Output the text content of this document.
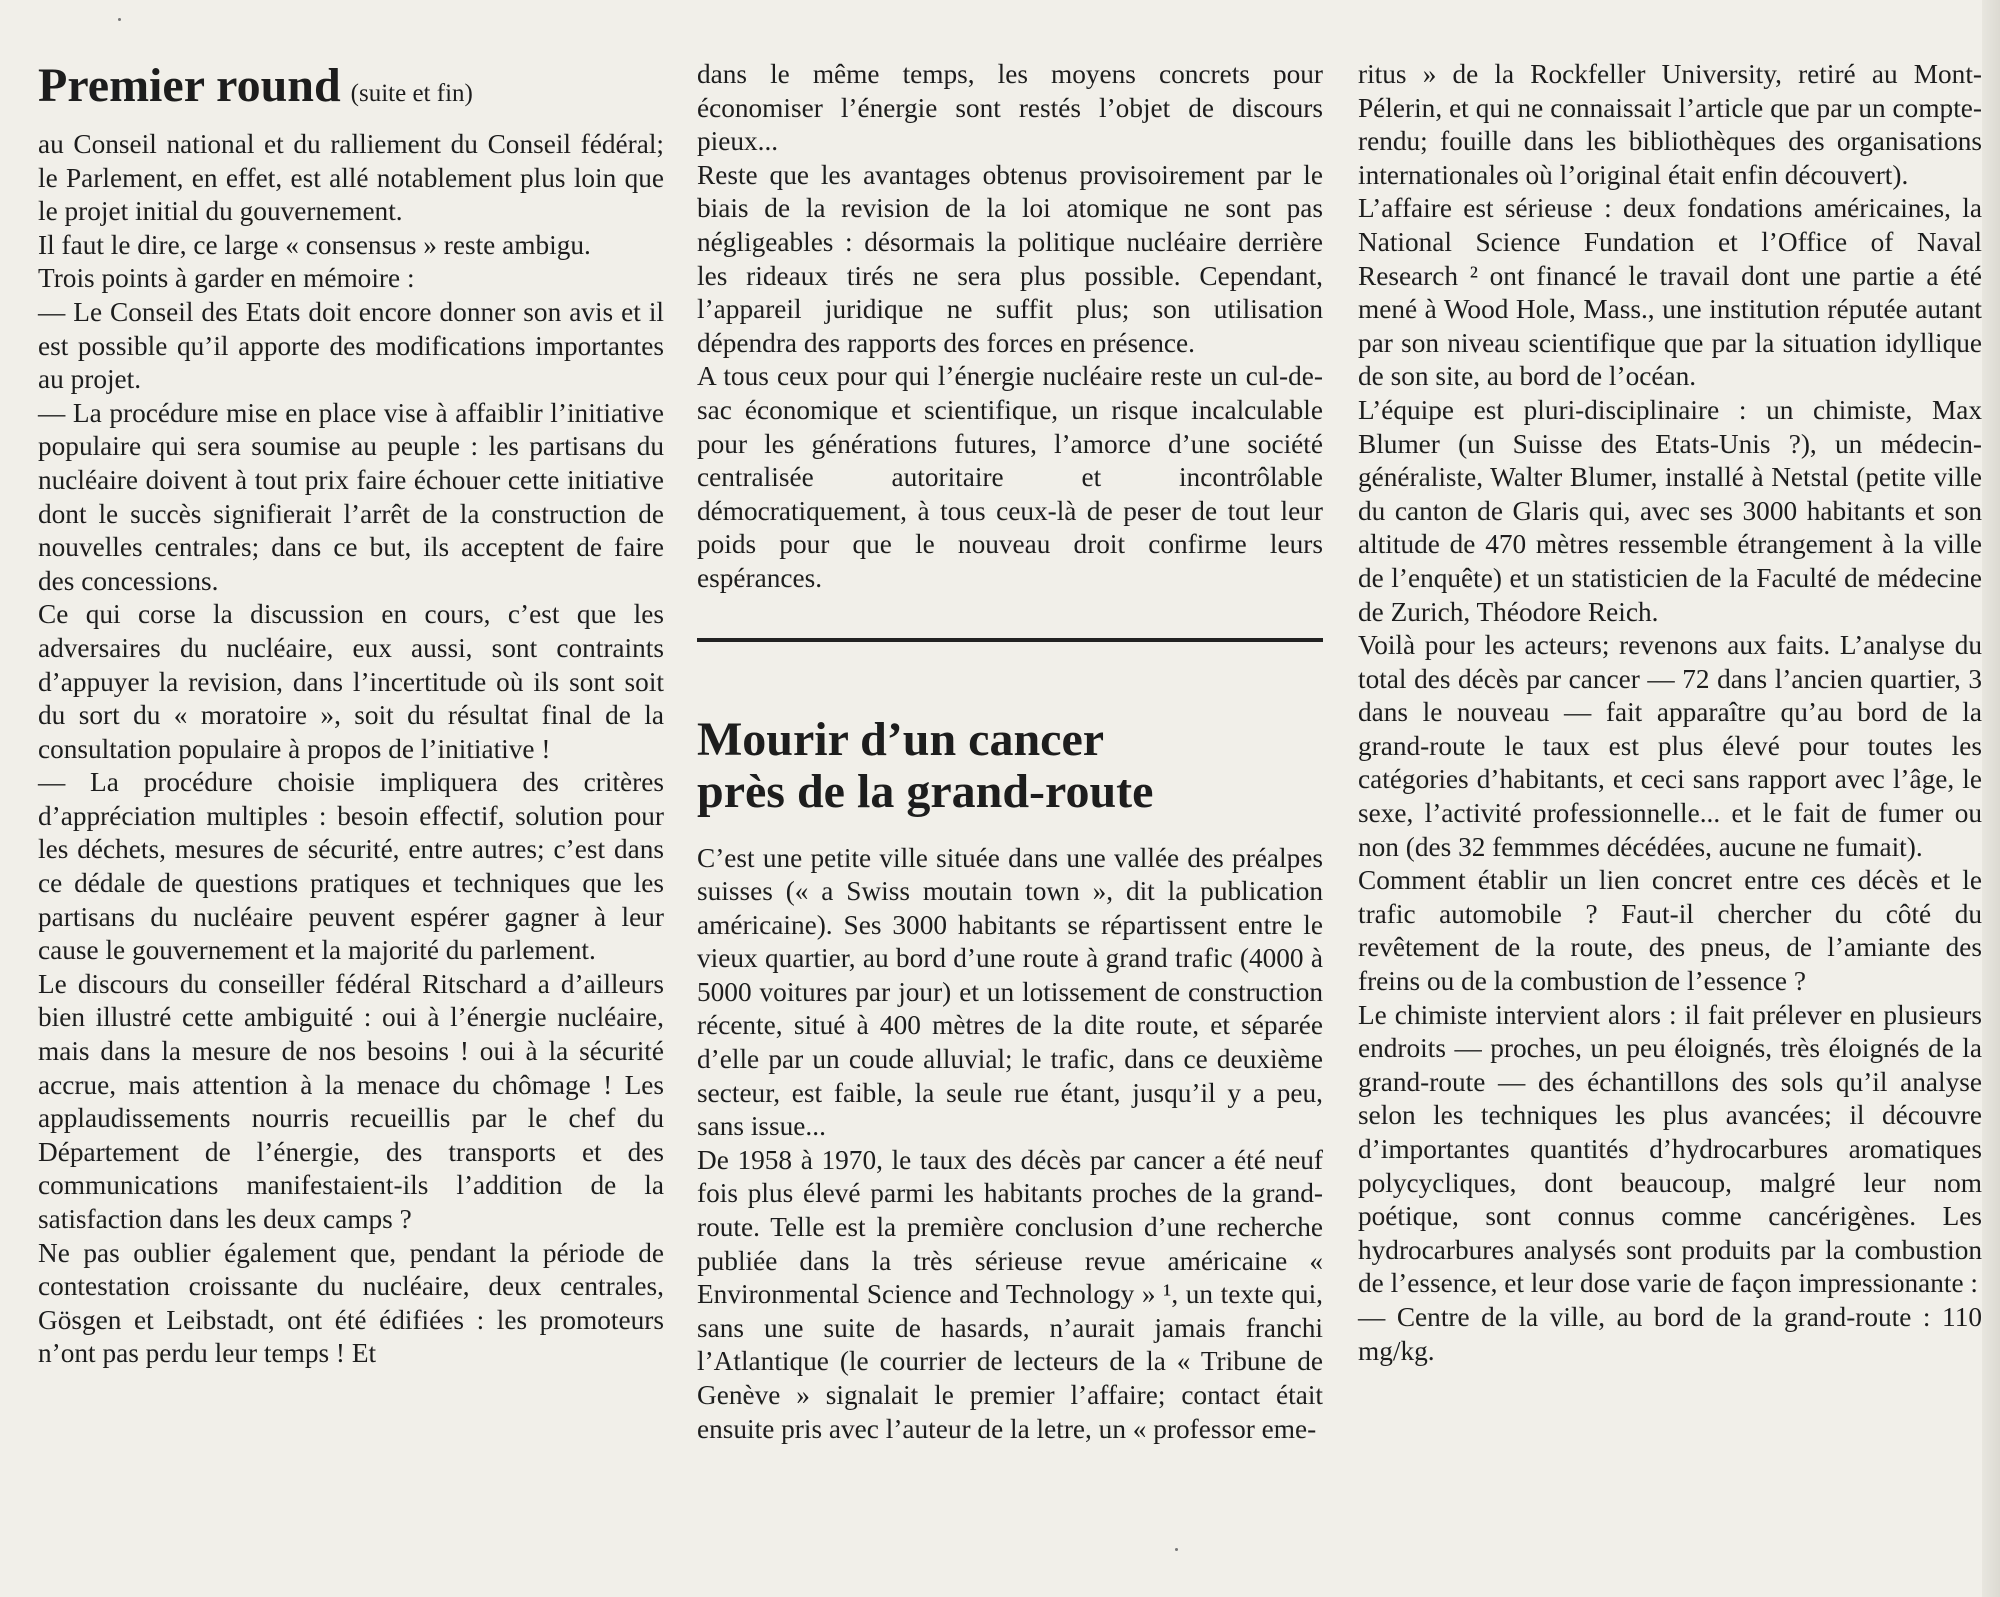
Premier round (suite et fin)

au Conseil national et du ralliement du Conseil fédéral; le Parlement, en effet, est allé notablement plus loin que le projet initial du gouvernement.

Il faut le dire, ce large « consensus » reste ambigu.

Trois points à garder en mémoire :

— Le Conseil des Etats doit encore donner son avis et il est possible qu’il apporte des modifications importantes au projet.

— La procédure mise en place vise à affaiblir l’initiative populaire qui sera soumise au peuple : les partisans du nucléaire doivent à tout prix faire échouer cette initiative dont le succès signifierait l’arrêt de la construction de nouvelles centrales; dans ce but, ils acceptent de faire des concessions.

Ce qui corse la discussion en cours, c’est que les adversaires du nucléaire, eux aussi, sont contraints d’appuyer la revision, dans l’incertitude où ils sont soit du sort du « moratoire », soit du résultat final de la consultation populaire à propos de l’initiative !

— La procédure choisie impliquera des critères d’appréciation multiples : besoin effectif, solution pour les déchets, mesures de sécurité, entre autres; c’est dans ce dédale de questions pratiques et techniques que les partisans du nucléaire peuvent espérer gagner à leur cause le gouvernement et la majorité du parlement.

Le discours du conseiller fédéral Ritschard a d’ailleurs bien illustré cette ambiguité : oui à l’énergie nucléaire, mais dans la mesure de nos besoins ! oui à la sécurité accrue, mais attention à la menace du chômage ! Les applaudissements nourris recueillis par le chef du Département de l’énergie, des transports et des communications manifestaient-ils l’addition de la satisfaction dans les deux camps ?

Ne pas oublier également que, pendant la période de contestation croissante du nucléaire, deux centrales, Gösgen et Leibstadt, ont été édifiées : les promoteurs n’ont pas perdu leur temps ! Et

dans le même temps, les moyens concrets pour économiser l’énergie sont restés l’objet de discours pieux...

Reste que les avantages obtenus provisoirement par le biais de la revision de la loi atomique ne sont pas négligeables : désormais la politique nucléaire derrière les rideaux tirés ne sera plus possible. Cependant, l’appareil juridique ne suffit plus; son utilisation dépendra des rapports des forces en présence.

A tous ceux pour qui l’énergie nucléaire reste un cul-de-sac économique et scientifique, un risque incalculable pour les générations futures, l’amorce d’une société centralisée autoritaire et incontrôlable démocratiquement, à tous ceux-là de peser de tout leur poids pour que le nouveau droit confirme leurs espérances.

Mourir d’un cancer
près de la grand-route

C’est une petite ville située dans une vallée des préalpes suisses (« a Swiss moutain town », dit la publication américaine). Ses 3000 habitants se répartissent entre le vieux quartier, au bord d’une route à grand trafic (4000 à 5000 voitures par jour) et un lotissement de construction récente, situé à 400 mètres de la dite route, et séparée d’elle par un coude alluvial; le trafic, dans ce deuxième secteur, est faible, la seule rue étant, jusqu’il y a peu, sans issue...

De 1958 à 1970, le taux des décès par cancer a été neuf fois plus élevé parmi les habitants proches de la grand-route. Telle est la première conclusion d’une recherche publiée dans la très sérieuse revue américaine « Environmental Science and Technology » ¹, un texte qui, sans une suite de hasards, n’aurait jamais franchi l’Atlantique (le courrier de lecteurs de la « Tribune de Genève » signalait le premier l’affaire; contact était ensuite pris avec l’auteur de la letre, un « professor eme-

ritus » de la Rockfeller University, retiré au Mont-Pélerin, et qui ne connaissait l’article que par un compte-rendu; fouille dans les bibliothèques des organisations internationales où l’original était enfin découvert).

L’affaire est sérieuse : deux fondations américaines, la National Science Fundation et l’Office of Naval Research ² ont financé le travail dont une partie a été mené à Wood Hole, Mass., une institution réputée autant par son niveau scientifique que par la situation idyllique de son site, au bord de l’océan.

L’équipe est pluri-disciplinaire : un chimiste, Max Blumer (un Suisse des Etats-Unis ?), un médecin-généraliste, Walter Blumer, installé à Netstal (petite ville du canton de Glaris qui, avec ses 3000 habitants et son altitude de 470 mètres ressemble étrangement à la ville de l’enquête) et un statisticien de la Faculté de médecine de Zurich, Théodore Reich.

Voilà pour les acteurs; revenons aux faits. L’analyse du total des décès par cancer — 72 dans l’ancien quartier, 3 dans le nouveau — fait apparaître qu’au bord de la grand-route le taux est plus élevé pour toutes les catégories d’habitants, et ceci sans rapport avec l’âge, le sexe, l’activité professionnelle... et le fait de fumer ou non (des 32 femmmes décédées, aucune ne fumait).

Comment établir un lien concret entre ces décès et le trafic automobile ? Faut-il chercher du côté du revêtement de la route, des pneus, de l’amiante des freins ou de la combustion de l’essence ?

Le chimiste intervient alors : il fait prélever en plusieurs endroits — proches, un peu éloignés, très éloignés de la grand-route — des échantillons des sols qu’il analyse selon les techniques les plus avancées; il découvre d’importantes quantités d’hydrocarbures aromatiques polycycliques, dont beaucoup, malgré leur nom poétique, sont connus comme cancérigènes. Les hydrocarbures analysés sont produits par la combustion de l’essence, et leur dose varie de façon impressionante :

— Centre de la ville, au bord de la grand-route : 110 mg/kg.
